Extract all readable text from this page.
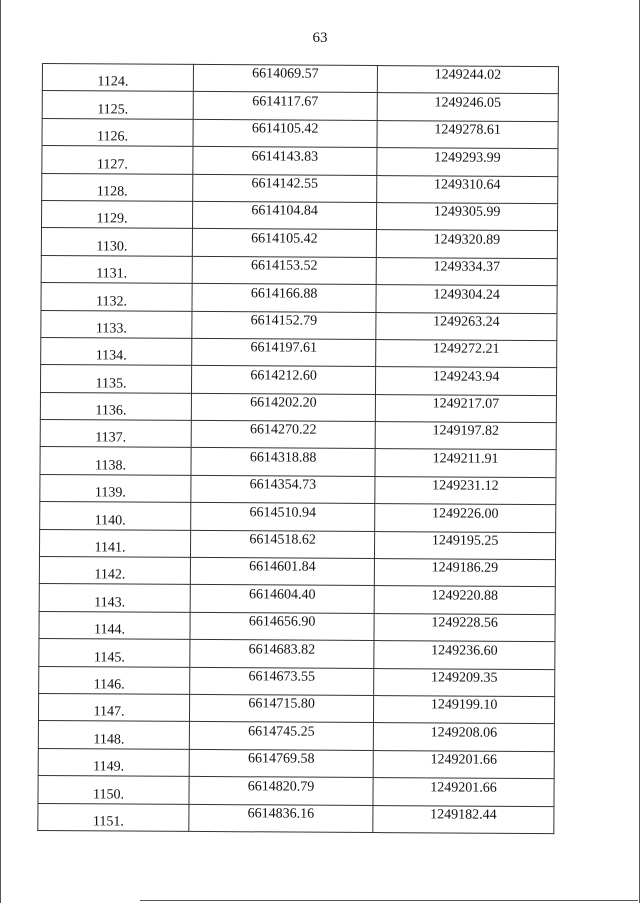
63
1124.	6614069.57	1249244.02
1125.	6614117.67	1249246.05
1126.	6614105.42	1249278.61
1127.	6614143.83	1249293.99
1128.	6614142.55	1249310.64
1129.	6614104.84	1249305.99
1130.	6614105.42	1249320.89
1131.	6614153.52	1249334.37
1132.	6614166.88	1249304.24
1133.	6614152.79	1249263.24
1134.	6614197.61	1249272.21
1135.	6614212.60	1249243.94
1136.	6614202.20	1249217.07
1137.	6614270.22	1249197.82
1138.	6614318.88	1249211.91
1139.	6614354.73	1249231.12
1140.	6614510.94	1249226.00
1141.	6614518.62	1249195.25
1142.	6614601.84	1249186.29
1143.	6614604.40	1249220.88
1144.	6614656.90	1249228.56
1145.	6614683.82	1249236.60
1146.	6614673.55	1249209.35
1147.	6614715.80	1249199.10
1148.	6614745.25	1249208.06
1149.	6614769.58	1249201.66
1150.	6614820.79	1249201.66
1151.	6614836.16	1249182.44
